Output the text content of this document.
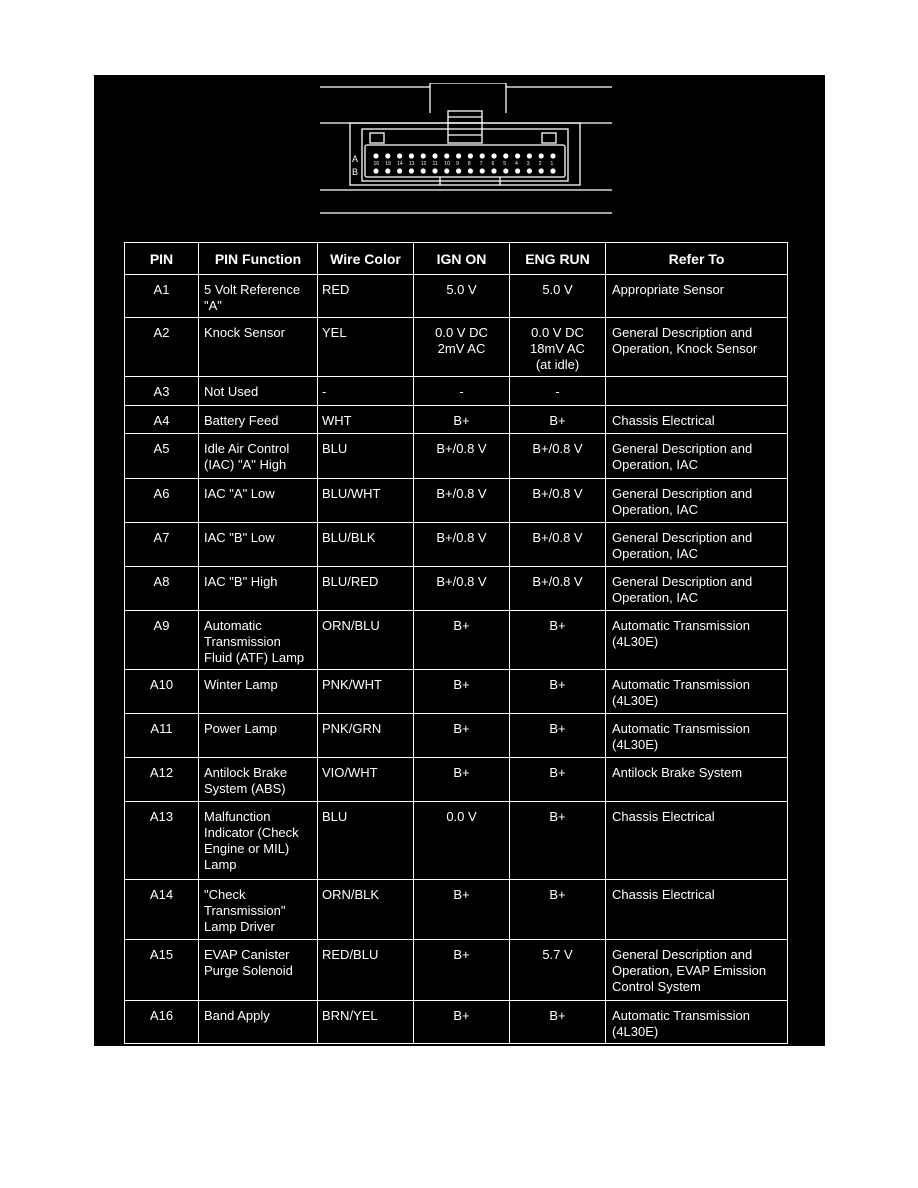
16 15 14 13 12 11 10 9 8 7 6 5 4 3 2 1
A
B
PIN	PIN Function	Wire Color	IGN ON	ENG RUN	Refer To
A1	5 Volt Reference
"A"	RED	5.0 V	5.0 V	Appropriate Sensor
A2	Knock Sensor	YEL	0.0 V DC
2mV AC	0.0 V DC
18mV AC
(at idle)	General Description and
Operation, Knock Sensor
A3	Not Used	-	-	-	
A4	Battery Feed	WHT	B+	B+	Chassis Electrical
A5	Idle Air Control
(IAC) "A" High	BLU	B+/0.8 V	B+/0.8 V	General Description and
Operation, IAC
A6	IAC "A" Low	BLU/WHT	B+/0.8 V	B+/0.8 V	General Description and
Operation, IAC
A7	IAC "B" Low	BLU/BLK	B+/0.8 V	B+/0.8 V	General Description and
Operation, IAC
A8	IAC "B" High	BLU/RED	B+/0.8 V	B+/0.8 V	General Description and
Operation, IAC
A9	Automatic
Transmission
Fluid (ATF) Lamp	ORN/BLU	B+	B+	Automatic Transmission
(4L30E)
A10	Winter Lamp	PNK/WHT	B+	B+	Automatic Transmission
(4L30E)
A11	Power Lamp	PNK/GRN	B+	B+	Automatic Transmission
(4L30E)
A12	Antilock Brake
System (ABS)	VIO/WHT	B+	B+	Antilock Brake System
A13	Malfunction
Indicator (Check
Engine or MIL)
Lamp	BLU	0.0 V	B+	Chassis Electrical
A14	"Check
Transmission"
Lamp Driver	ORN/BLK	B+	B+	Chassis Electrical
A15	EVAP Canister
Purge Solenoid	RED/BLU	B+	5.7 V	General Description and
Operation, EVAP Emission
Control System
A16	Band Apply	BRN/YEL	B+	B+	Automatic Transmission
(4L30E)
